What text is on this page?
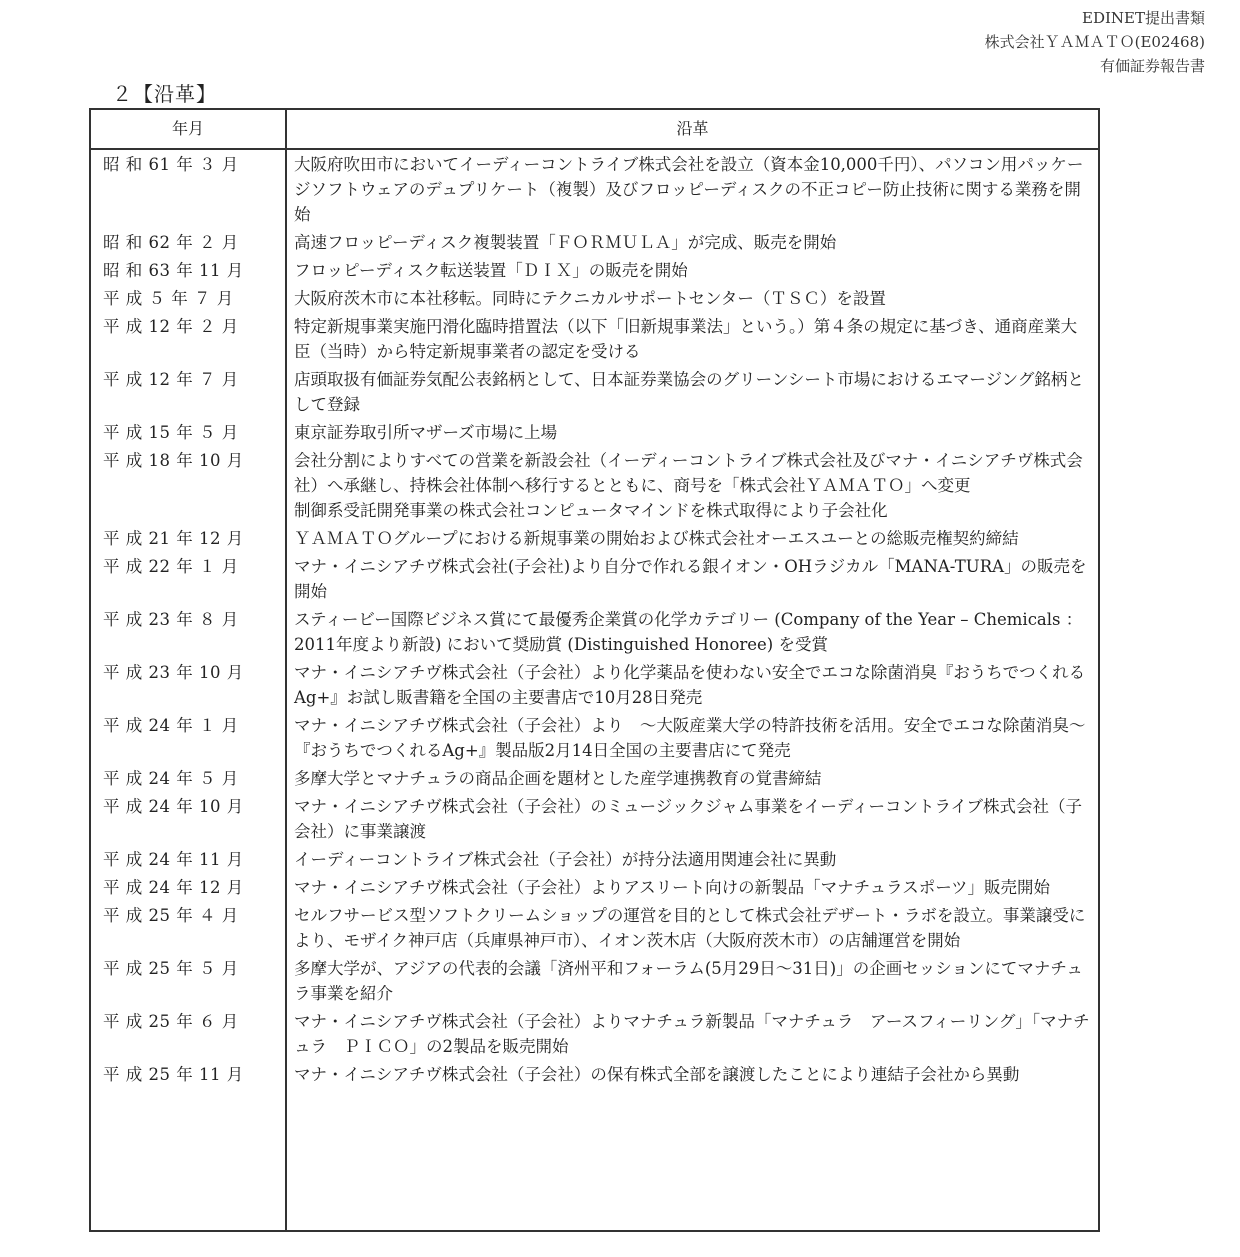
EDINET提出書類
株式会社ＹＡＭＡＴＯ(E02468)
有価証券報告書
２【沿革】
年月	沿革
昭 和 61 年 ３ 月	大阪府吹田市においてイーディーコントライブ株式会社を設立（資本金10,000千円）、パソコン用パッケージソフトウェアのデュプリケート（複製）及びフロッピーディスクの不正コピー防止技術に関する業務を開始
昭 和 62 年 ２ 月	高速フロッピーディスク複製装置「ＦＯＲＭＵＬＡ」が完成、販売を開始
昭 和 63 年 11 月	フロッピーディスク転送装置「ＤＩＸ」の販売を開始
平 成 ５ 年 ７ 月	大阪府茨木市に本社移転。同時にテクニカルサポートセンター（ＴＳＣ）を設置
平 成 12 年 ２ 月	特定新規事業実施円滑化臨時措置法（以下「旧新規事業法」という。）第４条の規定に基づき、通商産業大臣（当時）から特定新規事業者の認定を受ける
平 成 12 年 ７ 月	店頭取扱有価証券気配公表銘柄として、日本証券業協会のグリーンシート市場におけるエマージング銘柄として登録
平 成 15 年 ５ 月	東京証券取引所マザーズ市場に上場
平 成 18 年 10 月	会社分割によりすべての営業を新設会社（イーディーコントライブ株式会社及びマナ・イニシアチヴ株式会社）へ承継し、持株会社体制へ移行するとともに、商号を「株式会社ＹＡＭＡＴＯ」へ変更
制御系受託開発事業の株式会社コンピュータマインドを株式取得により子会社化
平 成 21 年 12 月	ＹＡＭＡＴＯグループにおける新規事業の開始および株式会社オーエスユーとの総販売権契約締結
平 成 22 年 １ 月	マナ・イニシアチヴ株式会社(子会社)より自分で作れる銀イオン・OHラジカル「MANA-TURA」の販売を開始
平 成 23 年 ８ 月	スティービー国際ビジネス賞にて最優秀企業賞の化学カテゴリー (Company of the Year – Chemicals ：2011年度より新設) において奨励賞 (Distinguished Honoree) を受賞
平 成 23 年 10 月	マナ・イニシアチヴ株式会社（子会社）より化学薬品を使わない安全でエコな除菌消臭『おうちでつくれるAg+』お試し販書籍を全国の主要書店で10月28日発売
平 成 24 年 １ 月	マナ・イニシアチヴ株式会社（子会社）より　～大阪産業大学の特許技術を活用。安全でエコな除菌消臭～『おうちでつくれるAg+』製品版2月14日全国の主要書店にて発売
平 成 24 年 ５ 月	多摩大学とマナチュラの商品企画を題材とした産学連携教育の覚書締結
平 成 24 年 10 月	マナ・イニシアチヴ株式会社（子会社）のミュージックジャム事業をイーディーコントライブ株式会社（子会社）に事業譲渡
平 成 24 年 11 月	イーディーコントライブ株式会社（子会社）が持分法適用関連会社に異動
平 成 24 年 12 月	マナ・イニシアチヴ株式会社（子会社）よりアスリート向けの新製品「マナチュラスポーツ」販売開始
平 成 25 年 ４ 月	セルフサービス型ソフトクリームショップの運営を目的として株式会社デザート・ラボを設立。事業譲受により、モザイク神戸店（兵庫県神戸市）、イオン茨木店（大阪府茨木市）の店舗運営を開始
平 成 25 年 ５ 月	多摩大学が、アジアの代表的会議「済州平和フォーラム(5月29日～31日)」の企画セッションにてマナチュラ事業を紹介
平 成 25 年 ６ 月	マナ・イニシアチヴ株式会社（子会社）よりマナチュラ新製品「マナチュラ　アースフィーリング」「マナチュラ　ＰＩＣＯ」の2製品を販売開始
平 成 25 年 11 月	マナ・イニシアチヴ株式会社（子会社）の保有株式全部を譲渡したことにより連結子会社から異動
